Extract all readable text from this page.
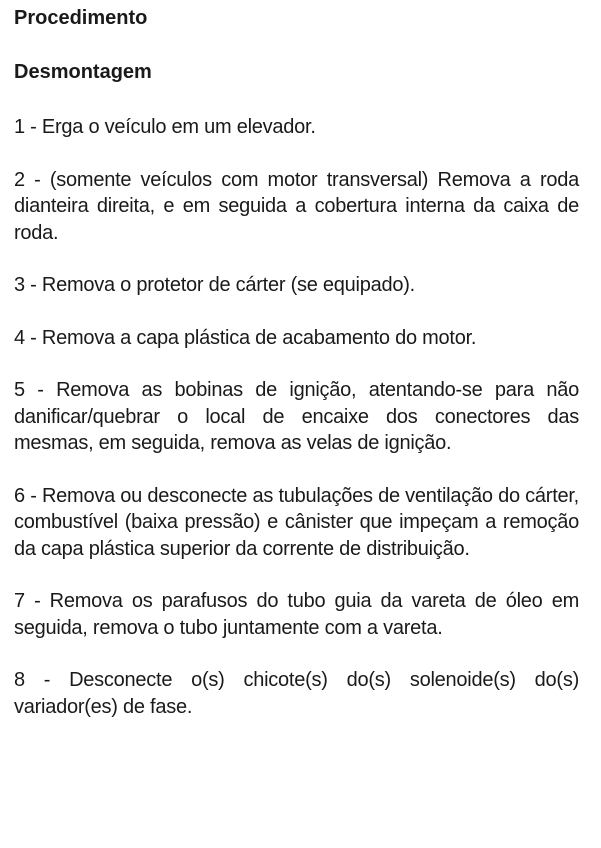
Procedimento
Desmontagem

1 - Erga o veículo em um elevador.

2 - (somente veículos com motor transversal) Remova a roda dianteira direita, e em seguida a cobertura interna da caixa de roda.

3 - Remova o protetor de cárter (se equipado).

4 - Remova a capa plástica de acabamento do motor.

5 - Remova as bobinas de ignição, atentando-se para não danificar/quebrar o local de encaixe dos conectores das mesmas, em seguida, remova as velas de ignição.

6 - Remova ou desconecte as tubulações de ventilação do cárter, combustível (baixa pressão) e cânister que impeçam a remoção da capa plástica superior da corrente de distribuição.

7 - Remova os parafusos do tubo guia da vareta de óleo em seguida, remova o tubo juntamente com a vareta.

8 - Desconecte o(s) chicote(s) do(s) solenoide(s) do(s) variador(es) de fase.
